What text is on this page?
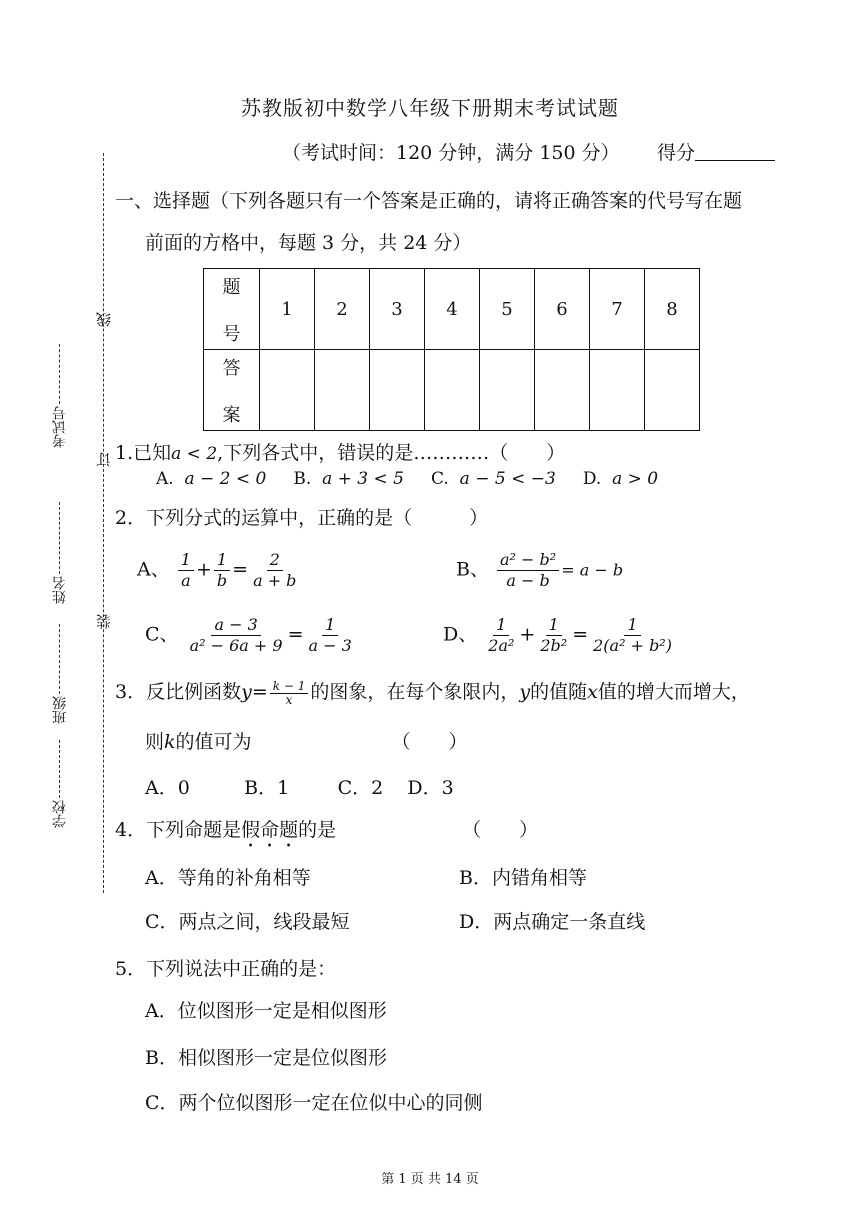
苏教版初中数学八年级下册期末考试试题
（考试时间：120 分钟，满分 150 分） 得分
线
订
装
考试号
姓名
班级
学校
一、选择题（下列各题只有一个答案是正确的，请将正确答案的代号写在题
前面的方格中，每题 3 分，共 24 分）
题

号	1	2	3	4	5	6	7	8
答

案								
1.已知a < 2,下列各式中，错误的是…………（　　）
A. a − 2 < 0 B. a + 3 < 5 C. a − 5 < −3 D. a > 0
2．下列分式的运算中，正确的是（　　　）
A、 $\frac{1}{a} + \frac{1}{b} = \frac{2}{a + b}$	B、 $\frac{\text{a² − b²}}{a - b} = a - b$
C、 $\frac{a - 3}{\text{a² − 6a + 9}} = \frac{1}{a - 3}$	D、 $\frac{1}{\text{2a²}} + \frac{1}{\text{2b²}} = \frac{1}{\text{2(a² + b²)}}$
3．反比例函数$y= \frac{k - 1}{x}$ 的图象，在每个象限内，y的值随x值的增大而增大，
则k的值可为	（　　）
A．0	B．1	C．2 D．3
4．下列命题是假命题的是	（　　）
A．等角的补角相等	B．内错角相等
C．两点之间，线段最短	D．两点确定一条直线
5．下列说法中正确的是：
A．位似图形一定是相似图形
B．相似图形一定是位似图形
C．两个位似图形一定在位似中心的同侧
第 1 页 共 14 页
